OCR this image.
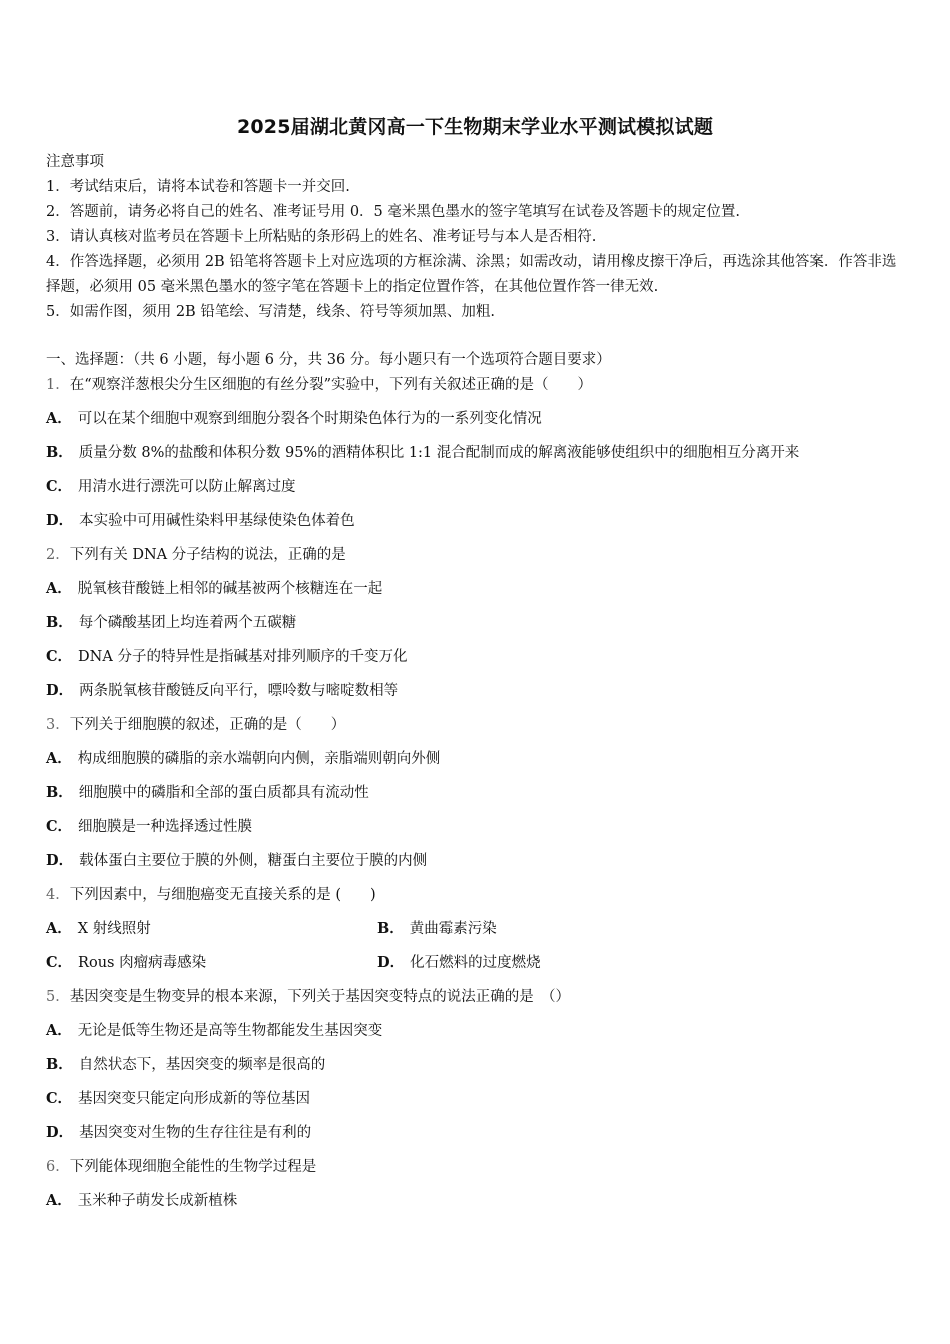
2025届湖北黄冈高一下生物期末学业水平测试模拟试题
注意事项
1．考试结束后，请将本试卷和答题卡一并交回.
2．答题前，请务必将自己的姓名、准考证号用 0．5 毫米黑色墨水的签字笔填写在试卷及答题卡的规定位置.
3．请认真核对监考员在答题卡上所粘贴的条形码上的姓名、准考证号与本人是否相符.
4．作答选择题，必须用 2B 铅笔将答题卡上对应选项的方框涂满、涂黑；如需改动，请用橡皮擦干净后，再选涂其他答案．作答非选择题，必须用 05 毫米黑色墨水的签字笔在答题卡上的指定位置作答，在其他位置作答一律无效.
5．如需作图，须用 2B 铅笔绘、写清楚，线条、符号等须加黑、加粗.
一、选择题：（共 6 小题，每小题 6 分，共 36 分。每小题只有一个选项符合题目要求）
1．在“观察洋葱根尖分生区细胞的有丝分裂”实验中，下列有关叙述正确的是（　　）
A． 可以在某个细胞中观察到细胞分裂各个时期染色体行为的一系列变化情况
B． 质量分数 8%的盐酸和体积分数 95%的酒精体积比 1:1 混合配制而成的解离液能够使组织中的细胞相互分离开来
C． 用清水进行漂洗可以防止解离过度
D． 本实验中可用碱性染料甲基绿使染色体着色
2．下列有关 DNA 分子结构的说法，正确的是
A． 脱氧核苷酸链上相邻的碱基被两个核糖连在一起
B． 每个磷酸基团上均连着两个五碳糖
C． DNA 分子的特异性是指碱基对排列顺序的千变万化
D． 两条脱氧核苷酸链反向平行，嘌呤数与嘧啶数相等
3．下列关于细胞膜的叙述，正确的是（　　）
A． 构成细胞膜的磷脂的亲水端朝向内侧，亲脂端则朝向外侧
B． 细胞膜中的磷脂和全部的蛋白质都具有流动性
C． 细胞膜是一种选择透过性膜
D． 载体蛋白主要位于膜的外侧，糖蛋白主要位于膜的内侧
4．下列因素中，与细胞癌变无直接关系的是 (　　)
A． X 射线照射	B． 黄曲霉素污染
C． Rous 肉瘤病毒感染	D． 化石燃料的过度燃烧
5．基因突变是生物变异的根本来源，下列关于基因突变特点的说法正确的是　（）
A． 无论是低等生物还是高等生物都能发生基因突变
B． 自然状态下，基因突变的频率是很高的
C． 基因突变只能定向形成新的等位基因
D． 基因突变对生物的生存往往是有利的
6．下列能体现细胞全能性的生物学过程是
A． 玉米种子萌发长成新植株
